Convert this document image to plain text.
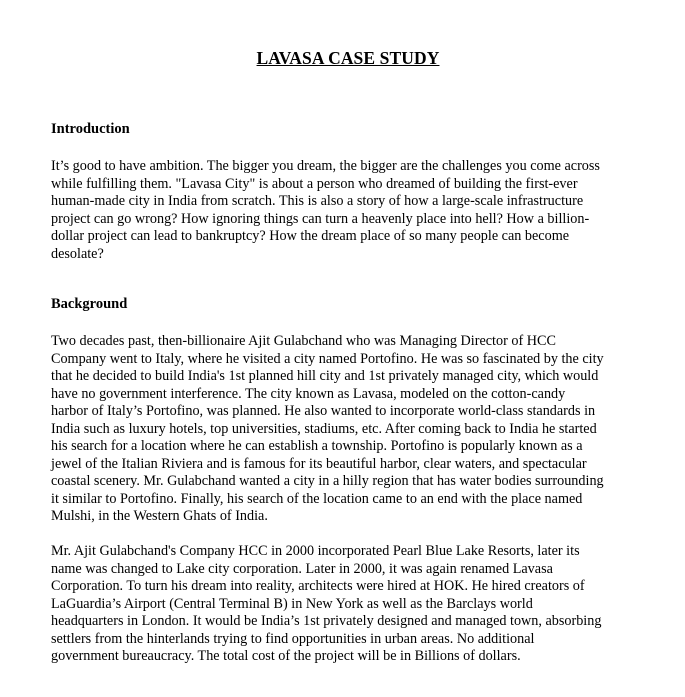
LAVASA CASE STUDY
Introduction

It’s good to have ambition. The bigger you dream, the bigger are the challenges you come across
while fulfilling them. "Lavasa City" is about a person who dreamed of building the first-ever
human-made city in India from scratch. This is also a story of how a large-scale infrastructure
project can go wrong? How ignoring things can turn a heavenly place into hell? How a billion-
dollar project can lead to bankruptcy? How the dream place of so many people can become
desolate?

Background

Two decades past, then-billionaire Ajit Gulabchand who was Managing Director of HCC
Company went to Italy, where he visited a city named Portofino. He was so fascinated by the city
that he decided to build India's 1st planned hill city and 1st privately managed city, which would
have no government interference. The city known as Lavasa, modeled on the cotton-candy
harbor of Italy’s Portofino, was planned. He also wanted to incorporate world-class standards in
India such as luxury hotels, top universities, stadiums, etc. After coming back to India he started
his search for a location where he can establish a township. Portofino is popularly known as a
jewel of the Italian Riviera and is famous for its beautiful harbor, clear waters, and spectacular
coastal scenery. Mr. Gulabchand wanted a city in a hilly region that has water bodies surrounding
it similar to Portofino. Finally, his search of the location came to an end with the place named
Mulshi, in the Western Ghats of India.

Mr. Ajit Gulabchand's Company HCC in 2000 incorporated Pearl Blue Lake Resorts, later its
name was changed to Lake city corporation. Later in 2000, it was again renamed Lavasa
Corporation. To turn his dream into reality, architects were hired at HOK. He hired creators of
LaGuardia’s Airport (Central Terminal B) in New York as well as the Barclays world
headquarters in London. It would be India’s 1st privately designed and managed town, absorbing
settlers from the hinterlands trying to find opportunities in urban areas. No additional
government bureaucracy. The total cost of the project will be in Billions of dollars.
